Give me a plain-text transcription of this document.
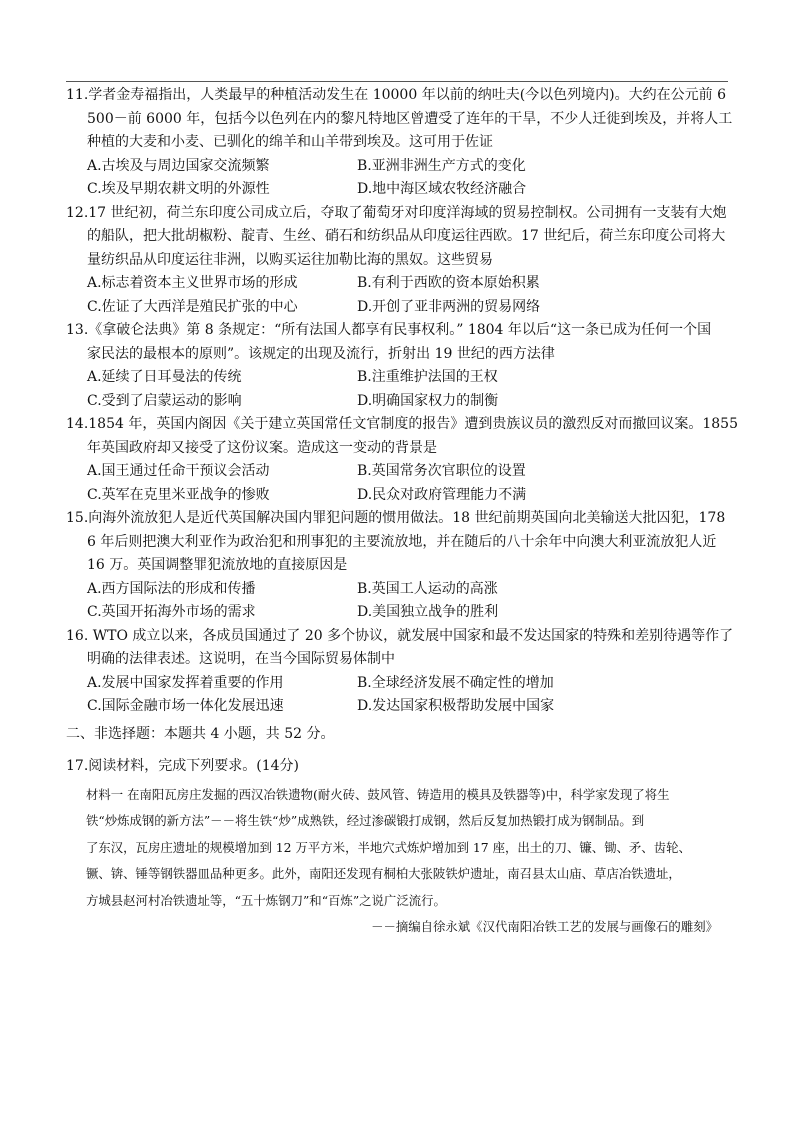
11.学者金寿福指出，人类最早的种植活动发生在 10000 年以前的纳吐夫(今以色列境内)。大约在公元前 6
500－前 6000 年，包括今以色列在内的黎凡特地区曾遭受了连年的干旱，不少人迁徙到埃及，并将人工
种植的大麦和小麦、已驯化的绵羊和山羊带到埃及。这可用于佐证
A.古埃及与周边国家交流频繁	B.亚洲非洲生产方式的变化
C.埃及早期农耕文明的外源性	D.地中海区域农牧经济融合
12.17 世纪初，荷兰东印度公司成立后，夺取了葡萄牙对印度洋海域的贸易控制权。公司拥有一支装有大炮
的船队，把大批胡椒粉、靛青、生丝、硝石和纺织品从印度运往西欧。17 世纪后，荷兰东印度公司将大
量纺织品从印度运往非洲，以购买运往加勒比海的黑奴。这些贸易
A.标志着资本主义世界市场的形成	B.有利于西欧的资本原始积累
C.佐证了大西洋是殖民扩张的中心	D.开创了亚非两洲的贸易网络
13.《拿破仑法典》第 8 条规定：“所有法国人都享有民事权利。” 1804 年以后“这一条已成为任何一个国
家民法的最根本的原则”。该规定的出现及流行，折射出 19 世纪的西方法律
A.延续了日耳曼法的传统	B.注重维护法国的王权
C.受到了启蒙运动的影响	D.明确国家权力的制衡
14.1854 年，英国内阁因《关于建立英国常任文官制度的报告》遭到贵族议员的激烈反对而撤回议案。1855
年英国政府却又接受了这份议案。造成这一变动的背景是
A.国王通过任命干预议会活动	B.英国常务次官职位的设置
C.英军在克里米亚战争的惨败	D.民众对政府管理能力不满
15.向海外流放犯人是近代英国解决国内罪犯问题的惯用做法。18 世纪前期英国向北美输送大批囚犯，178
6 年后则把澳大利亚作为政治犯和刑事犯的主要流放地，并在随后的八十余年中向澳大利亚流放犯人近
16 万。英国调整罪犯流放地的直接原因是
A.西方国际法的形成和传播	B.英国工人运动的高涨
C.英国开拓海外市场的需求	D.美国独立战争的胜利
16. WTO 成立以来，各成员国通过了 20 多个协议，就发展中国家和最不发达国家的特殊和差别待遇等作了
明确的法律表述。这说明，在当今国际贸易体制中
A.发展中国家发挥着重要的作用	B.全球经济发展不确定性的增加
C.国际金融市场一体化发展迅速	D.发达国家积极帮助发展中国家
二、非选择题：本题共 4 小题，共 52 分。
17.阅读材料，完成下列要求。(14分)
材料一 在南阳瓦房庄发掘的西汉冶铁遗物(耐火砖、鼓风管、铸造用的模具及铁器等)中，科学家发现了将生
铁“炒炼成钢的新方法”－－将生铁“炒”成熟铁，经过渗碳锻打成钢，然后反复加热锻打成为钢制品。到
了东汉，瓦房庄遗址的规模增加到 12 万平方米，半地穴式炼炉增加到 17 座，出土的刀、镰、锄、矛、齿轮、
镢、锛、锤等钢铁器皿品种更多。此外，南阳还发现有桐柏大张陂铁炉遗址，南召县太山庙、草店冶铁遗址，
方城县赵河村冶铁遗址等，“五十炼钢刀”和“百炼”之说广泛流行。
－－摘编自徐永斌《汉代南阳冶铁工艺的发展与画像石的雕刻》
